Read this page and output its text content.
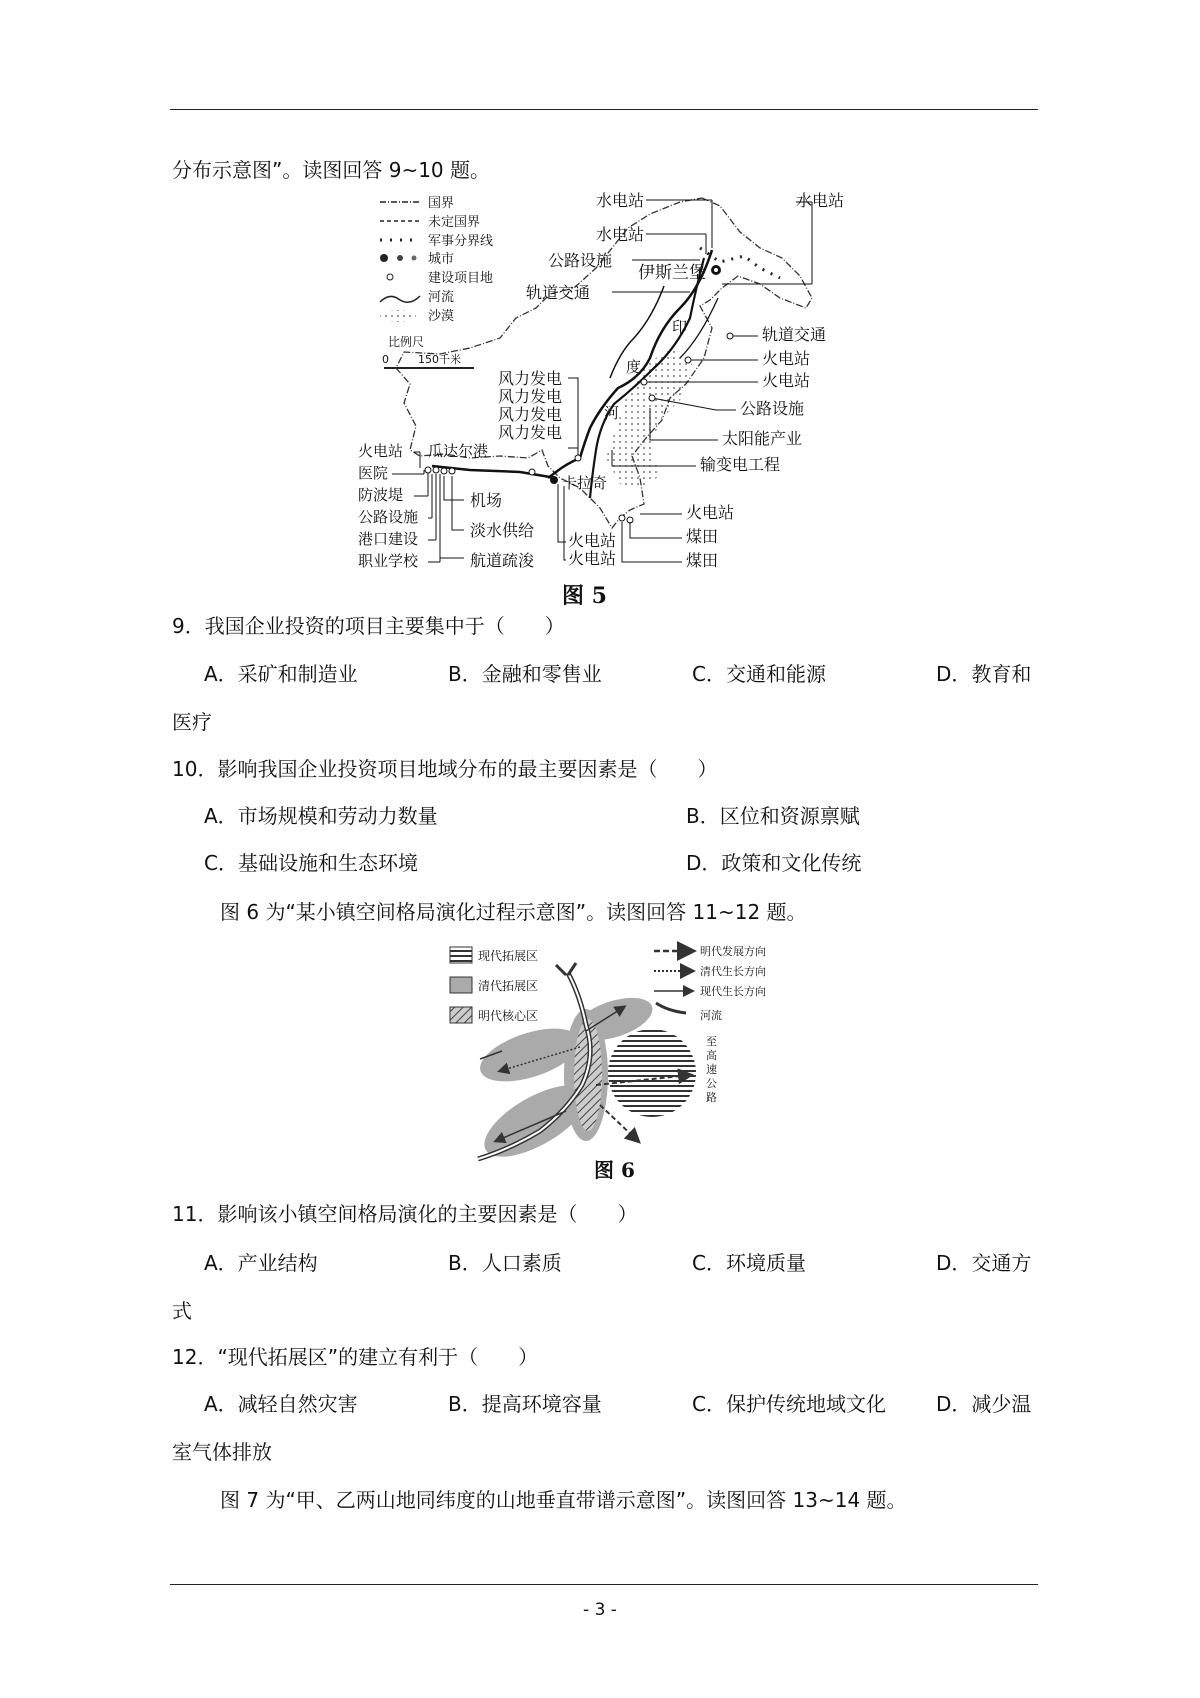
分布示意图”。读图回答 9~10 题。
国界
未定国界
军事分界线
城市
建设项目地
河流
沙漠
比例尺
0	150千米
伊斯兰堡
水电站
水电站
水电站
公路设施
轨道交通
印
度
河
轨道交通
火电站
火电站
公路设施
太阳能产业
输变电工程
风力发电
风力发电
风力发电
风力发电
火电站
医院
防波堤
公路设施
港口建设
职业学校
瓜达尔港
机场
淡水供给
航道疏浚
卡拉奇
火电站
火电站
火电站
煤田
煤田
图 5
9．我国企业投资的项目主要集中于（　　）
A．采矿和制造业	B．金融和零售业	C．交通和能源	D．教育和
医疗
10．影响我国企业投资项目地域分布的最主要因素是（　　）
A．市场规模和劳动力数量	B．区位和资源禀赋
C．基础设施和生态环境	D．政策和文化传统
图 6 为“某小镇空间格局演化过程示意图”。读图回答 11~12 题。
现代拓展区
清代拓展区
明代核心区
明代发展方向
清代生长方向
现代生长方向
河流
至
高
速
公
路
图 6
11．影响该小镇空间格局演化的主要因素是（　　）
A．产业结构	B．人口素质	C．环境质量	D．交通方
式
12．“现代拓展区”的建立有利于（　　）
A．减轻自然灾害	B．提高环境容量	C．保护传统地域文化	D．减少温
室气体排放
图 7 为“甲、乙两山地同纬度的山地垂直带谱示意图”。读图回答 13~14 题。
- 3 -
